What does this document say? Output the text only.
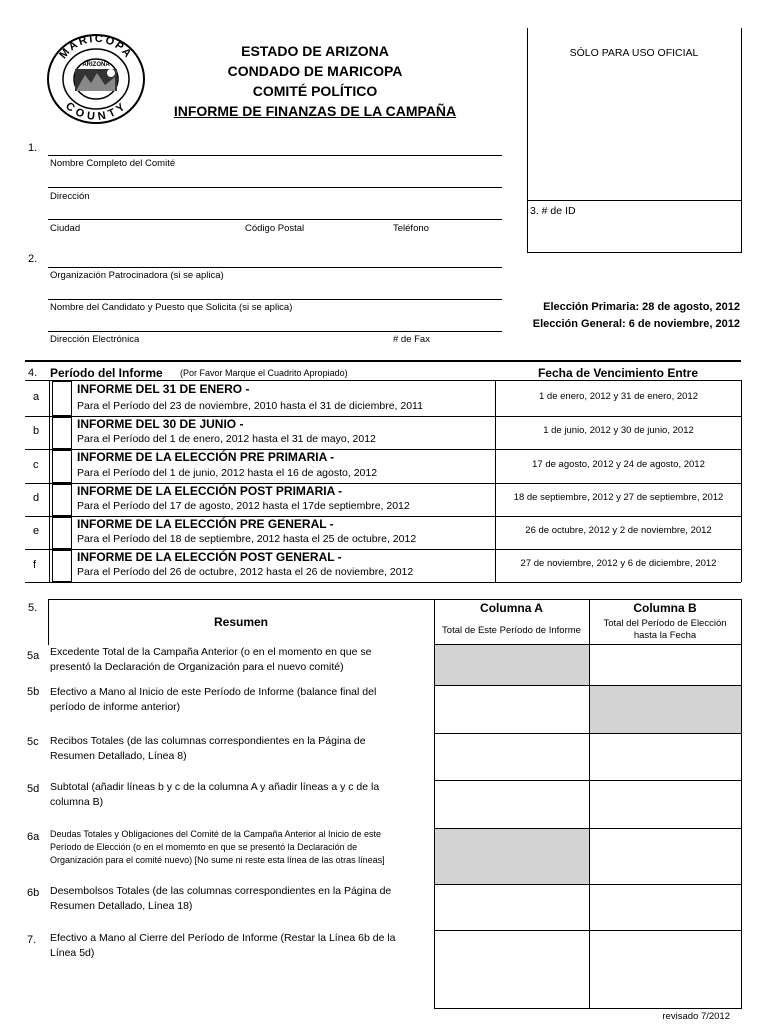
MARICOPA
COUNTY
ARIZONA
ESTADO DE ARIZONA
CONDADO DE MARICOPA
COMITÉ POLÍTICO
INFORME DE FINANZAS DE LA CAMPAÑA
SÓLO PARA USO OFICIAL
3. # de ID
1.
Nombre Completo del Comité
Dirección
Ciudad	Código Postal	Teléfono
2.
Organización Patrocinadora (si se aplica)
Nombre del Candidato y Puesto que Solicita (si se aplica)
Dirección Electrónica	# de Fax
Elección Primaria: 28 de agosto, 2012
Elección General: 6 de noviembre, 2012
4. Período del Informe (Por Favor Marque el Cuadrito Apropiado)	Fecha de Vencimiento Entre
a
INFORME DEL 31 DE ENERO -
Para el Período del 23 de noviembre, 2010 hasta el 31 de diciembre, 2011
1 de enero, 2012 y 31 de enero, 2012
b	INFORME DEL 30 DE JUNIO -
Para el Período del 1 de enero, 2012 hasta el 31 de mayo, 2012
1 de junio, 2012 y 30 de junio, 2012
c
INFORME DE LA ELECCIÓN PRE PRIMARIA -
Para el Período del 1 de junio, 2012 hasta el 16 de agosto, 2012
17 de agosto, 2012 y 24 de agosto, 2012
d	INFORME DE LA ELECCIÓN POST PRIMARIA -
Para el Período del 17 de agosto, 2012 hasta el 17de septiembre, 2012
18 de septiembre, 2012 y 27 de septiembre, 2012
e	INFORME DE LA ELECCIÓN PRE GENERAL -
Para el Período del 18 de septiembre, 2012 hasta el 25 de octubre, 2012
26 de octubre, 2012 y 2 de noviembre, 2012
f
INFORME DE LA ELECCIÓN POST GENERAL -
Para el Período del 26 de octubre, 2012 hasta el 26 de noviembre, 2012
27 de noviembre, 2012 y 6 de diciembre, 2012
5.
Resumen
Columna A
Total de Este Período de Informe
Columna B
Total del Período de Elección
hasta la Fecha
5a Excedente Total de la Campaña Anterior (o en el momento en que se
presentó la Declaración de Organización para el nuevo comité)
5b Efectivo a Mano al Inicio de este Período de Informe (balance final del
período de informe anterior)
5c Recibos Totales (de las columnas correspondientes en la Página de
Resumen Detallado, Línea 8)
5d Subtotal (añadir líneas b y c de la columna A y añadir líneas a y c de la
columna B)
6a Deudas Totales y Obligaciones del Comité de la Campaña Anterior al Inicio de este
Período de Elección (o en el momemto en que se presentó la Declaración de
Organización para el comité nuevo) [No sume ni reste esta línea de las otras líneas]
6b Desembolsos Totales (de las columnas correspondientes en la Página de
Resumen Detallado, Línea 18)
7. Efectivo a Mano al Cierre del Período de Informe (Restar la Línea 6b de la
Línea 5d)
revisado 7/2012
